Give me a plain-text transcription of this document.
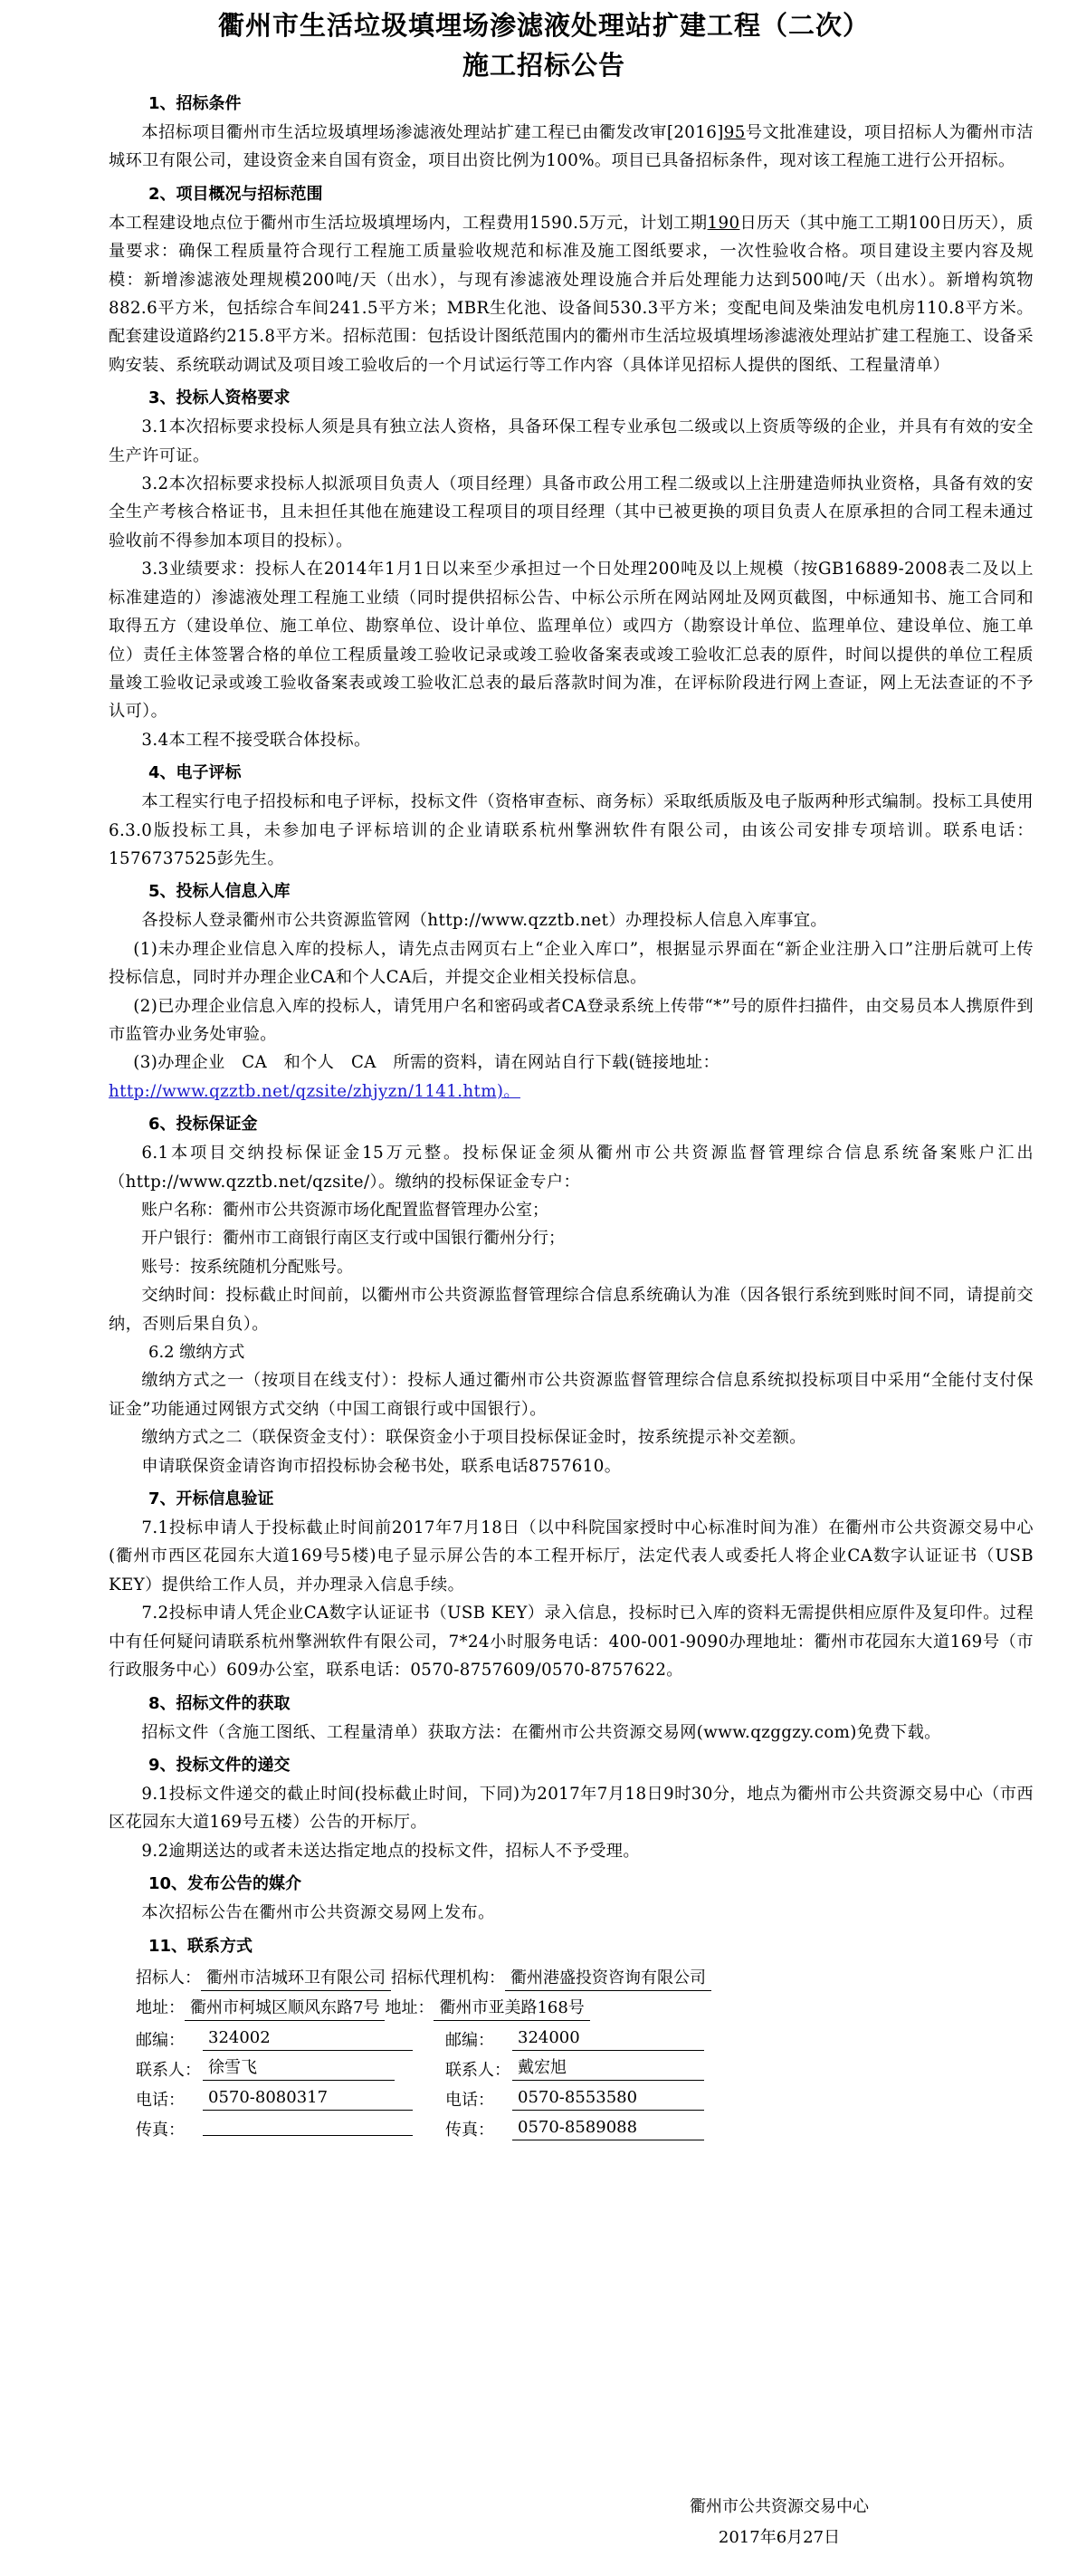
衢州市生活垃圾填埋场渗滤液处理站扩建工程（二次）
施工招标公告
1、招标条件

本招标项目衢州市生活垃圾填埋场渗滤液处理站扩建工程已由衢发改审[2016]95号文批准建设，项目招标人为衢州市洁城环卫有限公司，建设资金来自国有资金，项目出资比例为100%。项目已具备招标条件，现对该工程施工进行公开招标。

2、项目概况与招标范围

本工程建设地点位于衢州市生活垃圾填埋场内，工程费用1590.5万元，计划工期190日历天（其中施工工期100日历天），质量要求：确保工程质量符合现行工程施工质量验收规范和标准及施工图纸要求，一次性验收合格。项目建设主要内容及规模：新增渗滤液处理规模200吨/天（出水），与现有渗滤液处理设施合并后处理能力达到500吨/天（出水）。新增构筑物882.6平方米，包括综合车间241.5平方米；MBR生化池、设备间530.3平方米；变配电间及柴油发电机房110.8平方米。配套建设道路约215.8平方米。招标范围：包括设计图纸范围内的衢州市生活垃圾填埋场渗滤液处理站扩建工程施工、设备采购安装、系统联动调试及项目竣工验收后的一个月试运行等工作内容（具体详见招标人提供的图纸、工程量清单）

3、投标人资格要求

3.1本次招标要求投标人须是具有独立法人资格，具备环保工程专业承包二级或以上资质等级的企业，并具有有效的安全生产许可证。

3.2本次招标要求投标人拟派项目负责人（项目经理）具备市政公用工程二级或以上注册建造师执业资格，具备有效的安全生产考核合格证书，且未担任其他在施建设工程项目的项目经理（其中已被更换的项目负责人在原承担的合同工程未通过验收前不得参加本项目的投标）。

3.3业绩要求：投标人在2014年1月1日以来至少承担过一个日处理200吨及以上规模（按GB16889-2008表二及以上标准建造的）渗滤液处理工程施工业绩（同时提供招标公告、中标公示所在网站网址及网页截图，中标通知书、施工合同和取得五方（建设单位、施工单位、勘察单位、设计单位、监理单位）或四方（勘察设计单位、监理单位、建设单位、施工单位）责任主体签署合格的单位工程质量竣工验收记录或竣工验收备案表或竣工验收汇总表的原件，时间以提供的单位工程质量竣工验收记录或竣工验收备案表或竣工验收汇总表的最后落款时间为准，在评标阶段进行网上查证，网上无法查证的不予认可）。

3.4本工程不接受联合体投标。

4、电子评标

本工程实行电子招投标和电子评标，投标文件（资格审查标、商务标）采取纸质版及电子版两种形式编制。投标工具使用6.3.0版投标工具，未参加电子评标培训的企业请联系杭州擎洲软件有限公司，由该公司安排专项培训。联系电话：1576737525彭先生。

5、投标人信息入库

各投标人登录衢州市公共资源监管网（http://www.qzztb.net）办理投标人信息入库事宜。

(1)未办理企业信息入库的投标人，请先点击网页右上“企业入库口”，根据显示界面在“新企业注册入口”注册后就可上传投标信息，同时并办理企业CA和个人CA后，并提交企业相关投标信息。

(2)已办理企业信息入库的投标人，请凭用户名和密码或者CA登录系统上传带“*”号的原件扫描件，由交易员本人携原件到市监管办业务处审验。

(3)办理企业　CA　和个人　CA　所需的资料，请在网站自行下载(链接地址：
http://www.qzztb.net/qzsite/zhjyzn/1141.htm)。

6、投标保证金

6.1本项目交纳投标保证金15万元整。投标保证金须从衢州市公共资源监督管理综合信息系统备案账户汇出（http://www.qzztb.net/qzsite/）。缴纳的投标保证金专户：

账户名称：衢州市公共资源市场化配置监督管理办公室；

开户银行：衢州市工商银行南区支行或中国银行衢州分行；

账号：按系统随机分配账号。

交纳时间：投标截止时间前，以衢州市公共资源监督管理综合信息系统确认为准（因各银行系统到账时间不同，请提前交纳，否则后果自负）。

6.2 缴纳方式

缴纳方式之一（按项目在线支付）：投标人通过衢州市公共资源监督管理综合信息系统拟投标项目中采用“全能付支付保证金”功能通过网银方式交纳（中国工商银行或中国银行）。

缴纳方式之二（联保资金支付）：联保资金小于项目投标保证金时，按系统提示补交差额。

申请联保资金请咨询市招投标协会秘书处，联系电话8757610。

7、开标信息验证

7.1投标申请人于投标截止时间前2017年7月18日（以中科院国家授时中心标准时间为准）在衢州市公共资源交易中心(衢州市西区花园东大道169号5楼)电子显示屏公告的本工程开标厅，法定代表人或委托人将企业CA数字认证证书（USB KEY）提供给工作人员，并办理录入信息手续。

7.2投标申请人凭企业CA数字认证证书（USB KEY）录入信息，投标时已入库的资料无需提供相应原件及复印件。过程中有任何疑问请联系杭州擎洲软件有限公司，7*24小时服务电话：400-001-9090办理地址：衢州市花园东大道169号（市行政服务中心）609办公室，联系电话：0570-8757609/0570-8757622。

8、招标文件的获取

招标文件（含施工图纸、工程量清单）获取方法：在衢州市公共资源交易网(www.qzggzy.com)免费下载。

9、投标文件的递交

9.1投标文件递交的截止时间(投标截止时间，下同)为2017年7月18日9时30分，地点为衢州市公共资源交易中心（市西区花园东大道169号五楼）公告的开标厅。

9.2逾期送达的或者未送达指定地点的投标文件，招标人不予受理。

10、发布公告的媒介

本次招标公告在衢州市公共资源交易网上发布。

11、联系方式
招标人： 衢州市洁城环卫有限公司 招标代理机构： 衢州港盛投资咨询有限公司			
地址： 衢州市柯城区顺风东路7号 地址： 衢州市亚美路168号			
邮编：	324002	邮编：	324000
联系人：	徐雪飞	联系人：	戴宏旭
电话：	0570-8080317	电话：	0570-8553580
传真：		传真：	0570-8589088
衢州市公共资源交易中心
2017年6月27日
